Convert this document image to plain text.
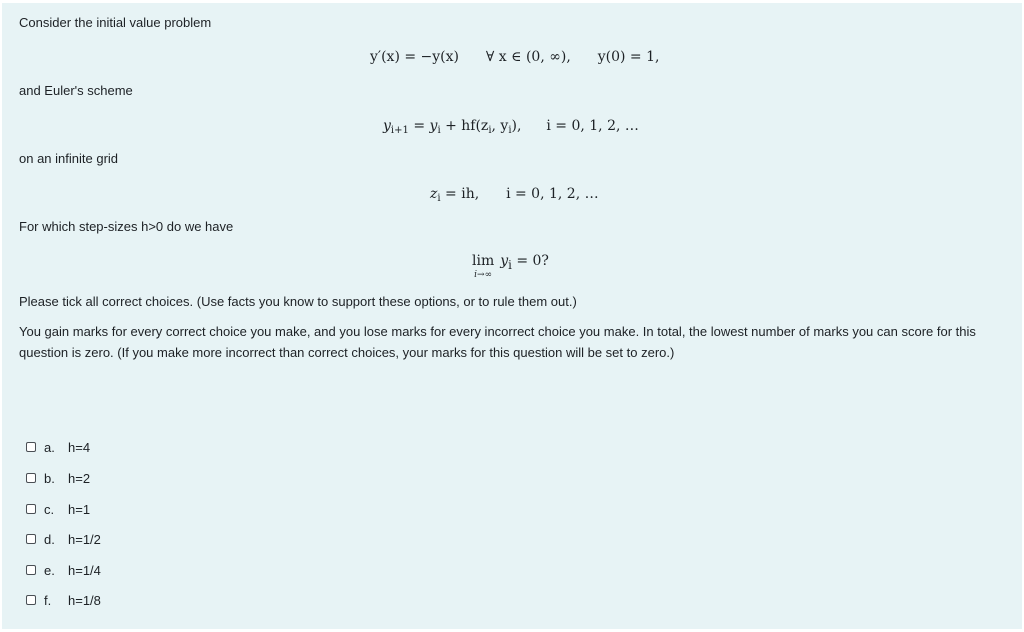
Consider the initial value problem
y′(x) = −y(x) ∀ x ∈ (0, ∞), y(0) = 1,
and Euler's scheme
$y_{i+1} = y_i + hf(z_i$, $y_i$), i = 0, 1, 2, …
on an infinite grid
$z_i$ = ih, i = 0, 1, 2, …
For which step-sizes h>0 do we have
lim
i→∞
$y_i = 0$?
Please tick all correct choices. (Use facts you know to support these options, or to rule them out.)
You gain marks for every correct choice you make, and you lose marks for every incorrect choice you make. In total, the lowest number of marks you can score for this question is zero. (If you make more incorrect than correct choices, your marks for this question will be set to zero.)
a.	h=4
b.	h=2
c.	h=1
d.	h=1/2
e.	h=1/4
f.	h=1/8
